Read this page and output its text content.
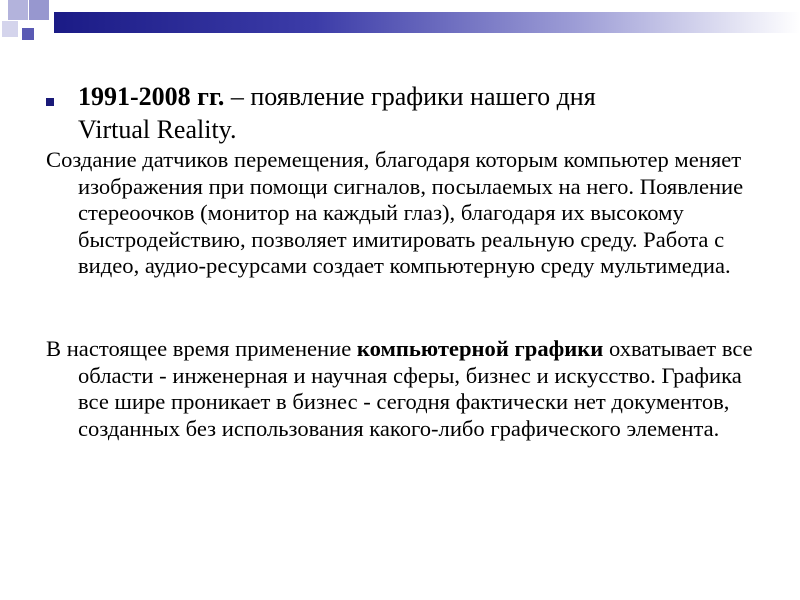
1991-2008 гг. – появление графики нашего дня
Virtual Reality.
Создание датчиков перемещения, благодаря которым компьютер меняет изображения при помощи сигналов, посылаемых на него. Появление стереоочков (монитор на каждый глаз), благодаря их высокому быстродействию, позволяет имитировать реальную среду. Работа с видео, аудио-ресурсами создает компьютерную среду мультимедиа.
В настоящее время применение компьютерной графики охватывает все области - инженерная и научная сферы, бизнес и искусство. Графика все шире проникает в бизнес - сегодня фактически нет документов, созданных без использования какого-либо графического элемента.
